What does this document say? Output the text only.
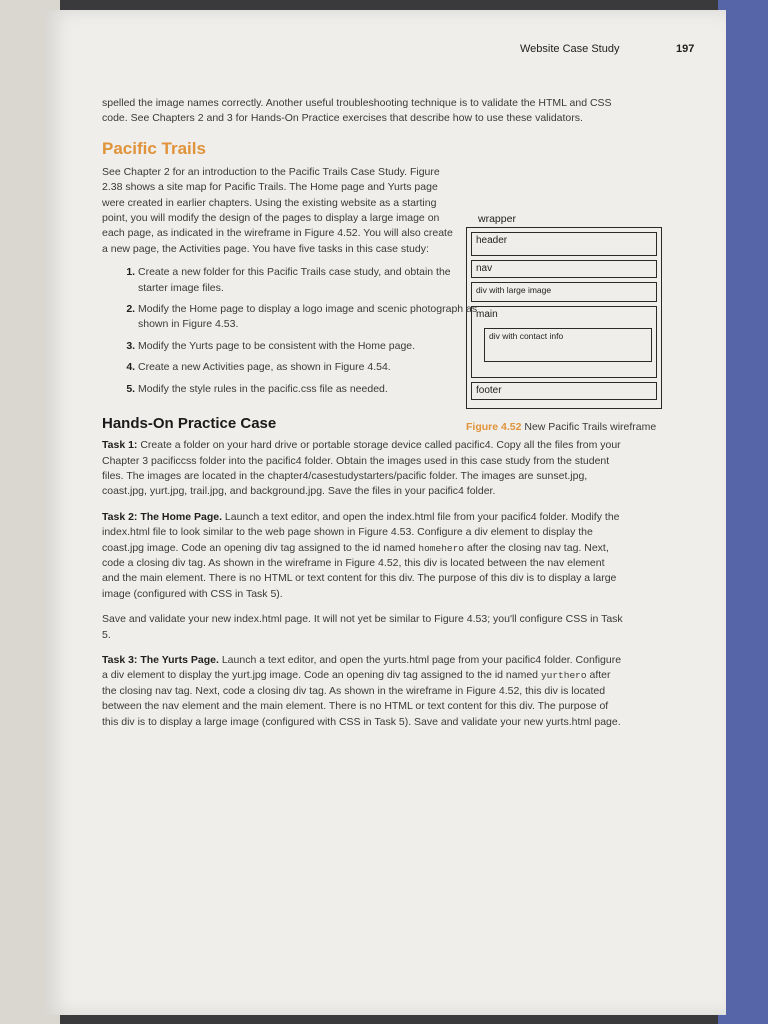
Website Case Study	197

spelled the image names correctly. Another useful troubleshooting technique is to validate the HTML and CSS code. See Chapters 2 and 3 for Hands-On Practice exercises that describe how to use these validators.

Pacific Trails

See Chapter 2 for an introduction to the Pacific Trails Case Study. Figure 2.38 shows a site map for Pacific Trails. The Home page and Yurts page were created in earlier chapters. Using the existing website as a starting point, you will modify the design of the pages to display a large image on each page, as indicated in the wireframe in Figure 4.52. You will also create a new page, the Activities page. You have five tasks in this case study:

1. Create a new folder for this Pacific Trails case study, and obtain the starter image files.
2. Modify the Home page to display a logo image and scenic photograph as shown in Figure 4.53.
3. Modify the Yurts page to be consistent with the Home page.
4. Create a new Activities page, as shown in Figure 4.54.
5. Modify the style rules in the pacific.css file as needed.
wrapper
header
nav
div with large image
main
div with contact info
footer
Figure 4.52 New Pacific Trails wireframe
Hands-On Practice Case

Task 1: Create a folder on your hard drive or portable storage device called pacific4. Copy all the files from your Chapter 3 pacificcss folder into the pacific4 folder. Obtain the images used in this case study from the student files. The images are located in the chapter4/casestudystarters/pacific folder. The images are sunset.jpg, coast.jpg, yurt.jpg, trail.jpg, and background.jpg. Save the files in your pacific4 folder.

Task 2: The Home Page. Launch a text editor, and open the index.html file from your pacific4 folder. Modify the index.html file to look similar to the web page shown in Figure 4.53. Configure a div element to display the coast.jpg image. Code an opening div tag assigned to the id named homehero after the closing nav tag. Next, code a closing div tag. As shown in the wireframe in Figure 4.52, this div is located between the nav element and the main element. There is no HTML or text content for this div. The purpose of this div is to display a large image (configured with CSS in Task 5).

Save and validate your new index.html page. It will not yet be similar to Figure 4.53; you'll configure CSS in Task 5.

Task 3: The Yurts Page. Launch a text editor, and open the yurts.html page from your pacific4 folder. Configure a div element to display the yurt.jpg image. Code an opening div tag assigned to the id named yurthero after the closing nav tag. Next, code a closing div tag. As shown in the wireframe in Figure 4.52, this div is located between the nav element and the main element. There is no HTML or text content for this div. The purpose of this div is to display a large image (configured with CSS in Task 5). Save and validate your new yurts.html page.
